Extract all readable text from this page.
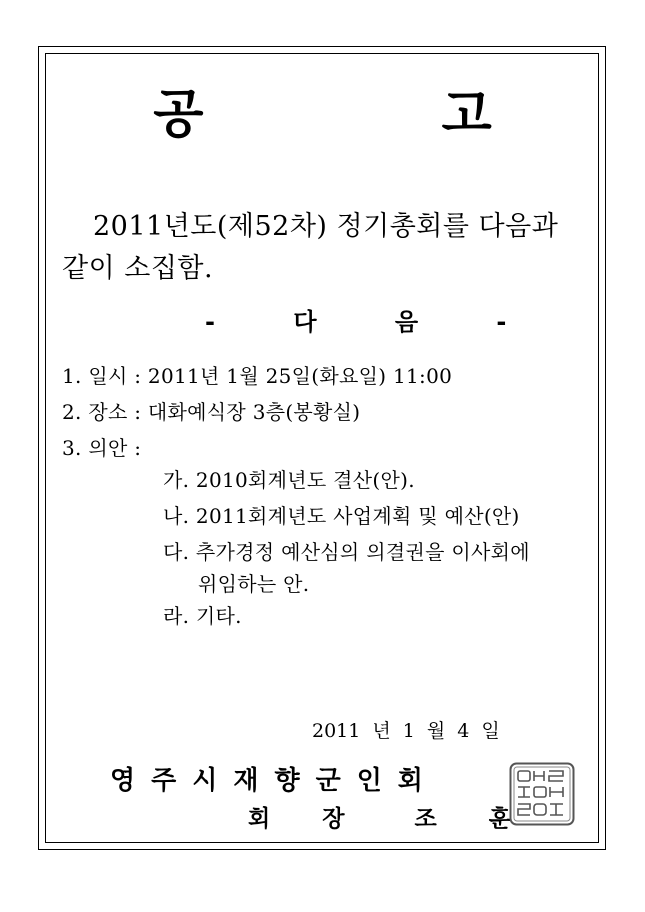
공 고
2011년도(제52차) 정기총회를 다음과
같이 소집함.
- 다 음 -
1. 일시 : 2011년 1월 25일(화요일) 11:00
2. 장소 : 대화예식장 3층(봉황실)
3. 의안 :
가. 2010회계년도 결산(안).
나. 2011회계년도 사업계획 및 예산(안)
다. 추가경정 예산심의 의결권을 이사회에
위임하는 안.
라. 기타.
2011 년 1 월 4 일
영주시재향군인회
회 장	조 훈
